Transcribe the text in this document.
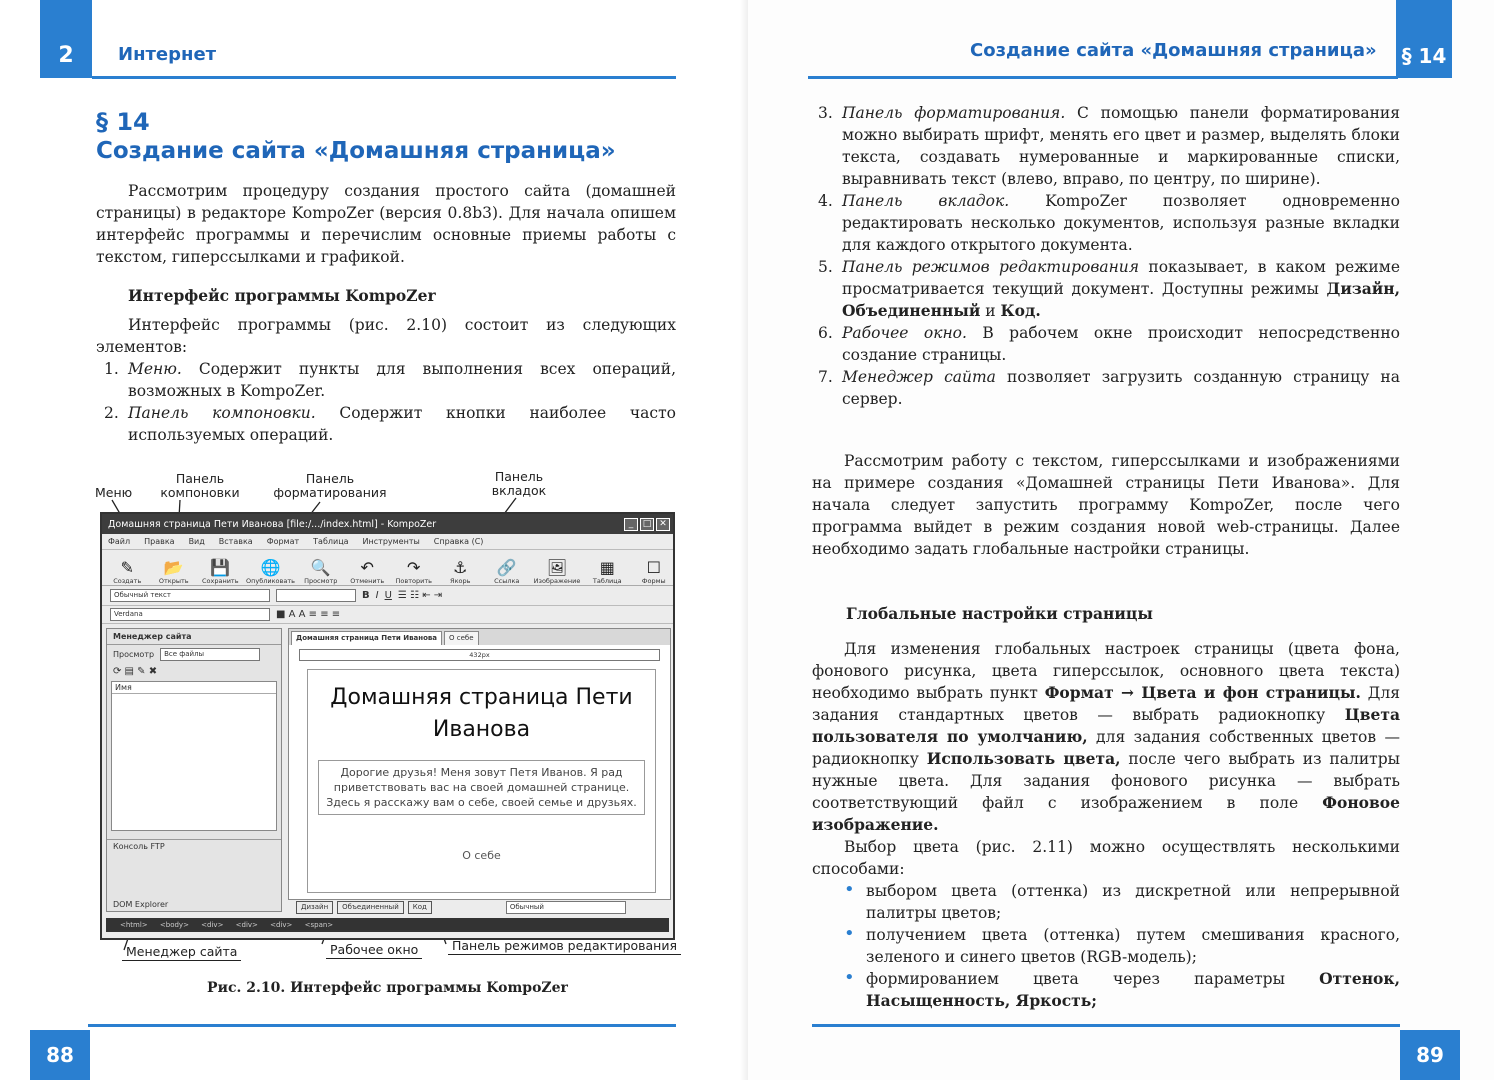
2	Интернет
§ 14
Создание сайта «Домашняя страница»

Рассмотрим процедуру создания простого сайта (домашней страницы) в редакторе KompoZer (версия 0.8b3). Для начала опишем интерфейс программы и перечислим основные приемы работы с текстом, гиперссылками и графикой.

Интерфейс программы KompoZer

Интерфейс программы (рис. 2.10) состоит из следующих элементов:

1. Меню. Содержит пункты для выполнения всех операций, возможных в KompoZer.
2. Панель компоновки. Содержит кнопки наиболее часто используемых операций.
Меню
Панель компоновки
Панель форматирования
Панель вкладок
Домашняя страница Пети Иванова [file:/.../index.html] - KompoZer	_	□ ✕
Файл Правка Вид Вставка Формат Таблица Инструменты Справка (С)
✎
Создать
📂
Открыть
💾
Сохранить
🌐
Опубликовать
🔍
Просмотр
↶
Отменить
↷
Повторить
⚓
Якорь
🔗
Ссылка
🖼
Изображение
▦
Таблица
☐
Формы
Обычный текст	B I U ☰ ☷ ⇤ ⇥
Verdana	■ A A ≡ ≡ ≡
Менеджер сайта
Просмотр	Все файлы
⟳ ▤ ✎ ✖
Имя
Консоль FTP
DOM Explorer
Домашняя страница Пети Иванова	О себе
432px
Домашняя страница Пети Иванова
Дорогие друзья! Меня зовут Петя Иванов. Я рад приветствовать вас на своей домашней странице. Здесь я расскажу вам о себе, своей семье и друзьях.
О себе
Дизайн	Объединенный	Код	Обычный
<html> <body> <div> <div> <div> <span>
Менеджер сайта	Рабочее окно	Панель режимов редактирования
Рис. 2.10. Интерфейс программы KompoZer
88
Создание сайта «Домашняя страница» § 14
3. Панель форматирования. С помощью панели форматирования можно выбирать шрифт, менять его цвет и размер, выделять блоки текста, создавать нумерованные и маркированные списки, выравнивать текст (влево, вправо, по центру, по ширине).
4. Панель вкладок. KompoZer позволяет одновременно редактировать несколько документов, используя разные вкладки для каждого открытого документа.
5. Панель режимов редактирования показывает, в каком режиме просматривается текущий документ. Доступны режимы Дизайн, Объединенный и Код.
6. Рабочее окно. В рабочем окне происходит непосредственно создание страницы.
7. Менеджер сайта позволяет загрузить созданную страницу на сервер.

Рассмотрим работу с текстом, гиперссылками и изображениями на примере создания «Домашней страницы Пети Иванова». Для начала следует запустить программу KompoZer, после чего программа выйдет в режим создания новой web-страницы. Далее необходимо задать глобальные настройки страницы.

Глобальные настройки страницы

Для изменения глобальных настроек страницы (цвета фона, фонового рисунка, цвета гиперссылок, основного цвета текста) необходимо выбрать пункт Формат → Цвета и фон страницы. Для задания стандартных цветов — выбрать радиокнопку Цвета пользователя по умолчанию, для задания собственных цветов — радиокнопку Использовать цвета, после чего выбрать из палитры нужные цвета. Для задания фонового рисунка — выбрать соответствующий файл с изображением в поле Фоновое изображение.

Выбор цвета (рис. 2.11) можно осуществлять несколькими способами:

• выбором цвета (оттенка) из дискретной или непрерывной палитры цветов;
• получением цвета (оттенка) путем смешивания красного, зеленого и синего цветов (RGB-модель);
• формированием цвета через параметры Оттенок, Насыщенность, Яркость;
89
